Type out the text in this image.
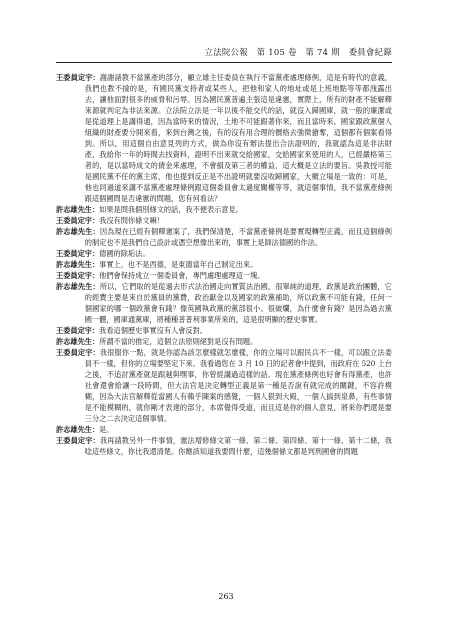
立法院公報　第 105 卷　第 74 期　委員會紀錄

王委員定宇：謝謝諸教不當黨產的部分，顧立雄主任委員在執行不當黨產處理條例，這是有時代的意義，我們也教不撿的是，有國民黨支持者或某些人，把他和家人的地址或是上班地點等等都洩露出去，讓他面對很多的威脅和污辱。因為國民黨普遍主張這是違憲，實際上，所有的財產不能解釋來源就判定為非法來源。立法院立法是一年以後不能交代的話，就沒入歸國庫，就一般的廉潔或是從道理上是講得通，因為當時來的情況，土地不可能跟著你來，而且當時來，國家跟政黨個人組織的財產要分開來看，來到台灣之後，有的沒有用合理的價格去強徵搶奪，這個都有個案看得到。所以，用這個自由意見列的方式，做為你沒有辦法提出合法證明的，我就認為這是非法財產，我給你一年的時間去找資料，證明不出來就交給國家，交給國家來使用的人，已經嚴格第三者的，是以當時成文的債金來處理，不會損及第三者的權益，這大概是立法的要旨。吳教授可能是國民黨不任的黨主席，他也提到反正是不出證明就要沒收歸國家，大概立場是一致的：可是，他也同過道來講不當黨產處理條例跟這個委員會太過度關權等等，就這個事情，我不當黨產條例跟這個國問是否違憲的問題，您有何看法？

許志雄先生：如果是問我個別條文的話，我不便表示意見。

王委員定宇：我沒有問你條文嘛！

許志雄先生：因為現在已經有個釋憲案了，我們保清楚，不當黨產條例是要實現轉型正義，而且這個條例的制定也不是我們自己設計或憑空想像出來的，事實上是師法德國的作法。

王委員定宇：德國的除垢法。

許志雄先生：事實上，也不是西德，是東德當年自己制定出來。

王委員定宇：他們會保持成立一個委員會，專門處理處理這一塊。

許志雄先生：所以，它們取的是從過去形式法治國走向實質法治國，很單純的道理，政黨是政治團體，它的經費主要是來自於黨員的黨費，政治獻金以及國家的政黨補助，所以政黨不可能有錢，任何一個國家的哪一個政黨會有錢？像英國執政黨的黨部很小、很破爛，為什麼會有錢？是因為過去黨國一體，國庫通黨庫，將種種普普利事業所來的，這是很明顯的歷史事實。

王委員定宇：我看這個歷史事實沒有人會反對。

許志雄先生：所謂不當的推定，這個立法原則絕對是沒有問題。

王委員定宇：我很服你一點，就是你認為該怎麼樣就怎麼樣，你的立場可以跟民兵不一樣，可以跟立法委員不一樣，但你的立場要堅定下來。我看過您在 3 月 10 日的記者會中提到，而政府在 520 上台之後，不追討黨產就是跟越與嘿事，你曾經講過這樣的話。現在黨產條例也好會有得黨產，也許社會還會給讓一段時間，但大法官是決定轉型正義是第一種是否說有就完成的關鍵，不容許模糊，因為大法官解釋從當國人有賴乎陳案的感覺，一個人狠到大殿，一個人搞到泉鼻，有些事情是不能模糊的，就你剛才表達的部分，本席覺得受道，而且這是你的個人意見，將來你們還是要三分之二去決定這個事情。

許志雄先生：是。

王委員定宇：我再請教另外一件事情，憲法增修條文第一條、第二條、第四條、第十一條、第十二條，我唸這些條文，你比我還清楚。你應該知道我要問什麼，這幾個條文都是判刑國會的問題

263
